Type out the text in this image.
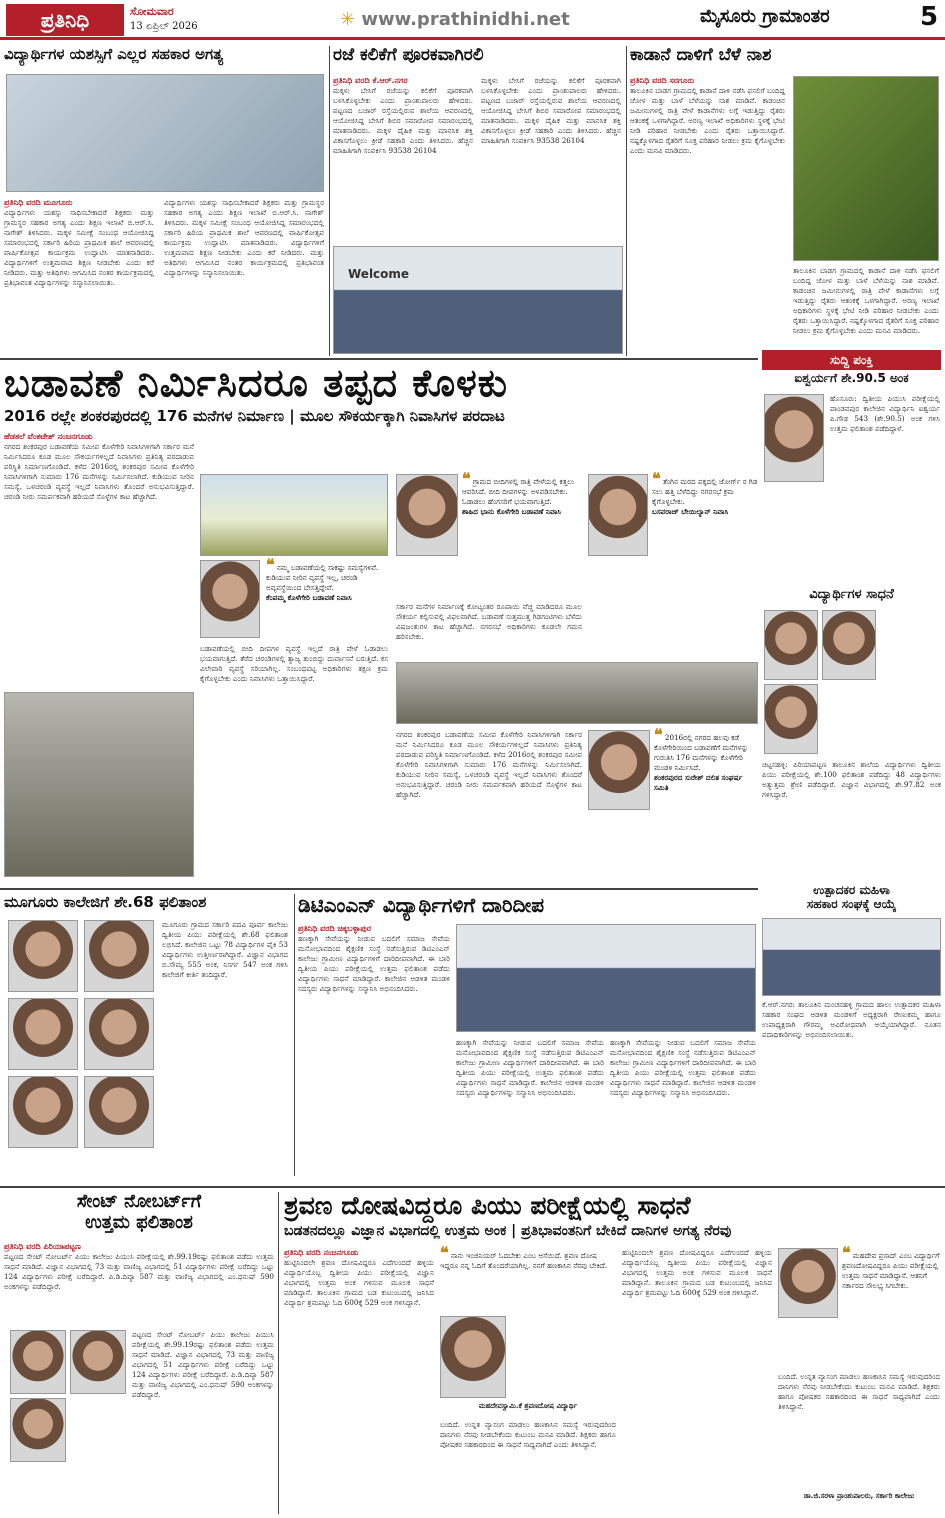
ಪ್ರತಿನಿಧಿ	ಸೋಮವಾರ
13 ಏಪ್ರಿಲ್ 2026	✳ www.prathinidhi.net	ಮೈಸೂರು ಗ್ರಾಮಾಂತರ	5
ವಿದ್ಯಾರ್ಥಿಗಳ ಯಶಸ್ಸಿಗೆ ಎಲ್ಲರ ಸಹಕಾರ ಅಗತ್ಯ
ಪ್ರತಿನಿಧಿ ವರದಿ ಮೂಗೂರು
ವಿದ್ಯಾರ್ಥಿಗಳು ಯಶಸ್ಸು ಸಾಧಿಸಬೇಕಾದರೆ ಶಿಕ್ಷಕರು ಮತ್ತು ಗ್ರಾಮಸ್ಥರ ಸಹಕಾರ ಅಗತ್ಯ ಎಂದು ಶಿಕ್ಷಣ ಇಲಾಖೆ ಬಿ.ಆರ್.ಸಿ. ನಾಗೇಶ್ ತಿಳಿಸಿದರು. ಮಕ್ಕಳ ಸಮೀಕ್ಷೆ ಸಂಬಂಧ ಆಯೋಜಿಸಿದ್ದ ಸಮಾರಂಭದಲ್ಲಿ ಸರ್ಕಾರಿ ಹಿರಿಯ ಪ್ರಾಥಮಿಕ ಶಾಲೆ ಆವರಣದಲ್ಲಿ ವಾರ್ಷಿಕೋತ್ಸವ ಕಾರ್ಯಕ್ರಮ ಉದ್ಘಾಟಿಸಿ ಮಾತನಾಡಿದರು. ವಿದ್ಯಾರ್ಥಿಗಳಿಗೆ ಉತ್ತಮವಾದ ಶಿಕ್ಷಣ ನೀಡಬೇಕು ಎಂದು ಕರೆ ನೀಡಿದರು. ಮತ್ತು ಅತಿಥಿಗಳು ಆಗಮಿಸಿದ ನಂತರ ಕಾರ್ಯಕ್ರಮದಲ್ಲಿ ಪ್ರತಿಭಾವಂತ ವಿದ್ಯಾರ್ಥಿಗಳನ್ನು ಸನ್ಮಾನಿಸಲಾಯಿತು.
ವಿದ್ಯಾರ್ಥಿಗಳು ಯಶಸ್ಸು ಸಾಧಿಸಬೇಕಾದರೆ ಶಿಕ್ಷಕರು ಮತ್ತು ಗ್ರಾಮಸ್ಥರ ಸಹಕಾರ ಅಗತ್ಯ ಎಂದು ಶಿಕ್ಷಣ ಇಲಾಖೆ ಬಿ.ಆರ್.ಸಿ. ನಾಗೇಶ್ ತಿಳಿಸಿದರು. ಮಕ್ಕಳ ಸಮೀಕ್ಷೆ ಸಂಬಂಧ ಆಯೋಜಿಸಿದ್ದ ಸಮಾರಂಭದಲ್ಲಿ ಸರ್ಕಾರಿ ಹಿರಿಯ ಪ್ರಾಥಮಿಕ ಶಾಲೆ ಆವರಣದಲ್ಲಿ ವಾರ್ಷಿಕೋತ್ಸವ ಕಾರ್ಯಕ್ರಮ ಉದ್ಘಾಟಿಸಿ ಮಾತನಾಡಿದರು. ವಿದ್ಯಾರ್ಥಿಗಳಿಗೆ ಉತ್ತಮವಾದ ಶಿಕ್ಷಣ ನೀಡಬೇಕು ಎಂದು ಕರೆ ನೀಡಿದರು. ಮತ್ತು ಅತಿಥಿಗಳು ಆಗಮಿಸಿದ ನಂತರ ಕಾರ್ಯಕ್ರಮದಲ್ಲಿ ಪ್ರತಿಭಾವಂತ ವಿದ್ಯಾರ್ಥಿಗಳನ್ನು ಸನ್ಮಾನಿಸಲಾಯಿತು.
ರಜೆ ಕಲಿಕೆಗೆ ಪೂರಕವಾಗಿರಲಿ
ಪ್ರತಿನಿಧಿ ವರದಿ ಕೆ.ಆರ್.ನಗರ
ಮಕ್ಕಳು ಬೇಸಿಗೆ ರಜೆಯನ್ನು ಕಲಿಕೆಗೆ ಪೂರಕವಾಗಿ ಬಳಸಿಕೊಳ್ಳಬೇಕು ಎಂದು ಪ್ರಾಂಶುಪಾಲರು ಹೇಳಿದರು. ಪಟ್ಟಣದ ಬಜಾರ್ ರಸ್ತೆಯಲ್ಲಿರುವ ಶಾಲೆಯ ಆವರಣದಲ್ಲಿ ಆಯೋಜಿಸಿದ್ದ ಬೇಸಿಗೆ ಶಿಬಿರ ಸಮಾರೋಪ ಸಮಾರಂಭದಲ್ಲಿ ಮಾತನಾಡಿದರು. ಮಕ್ಕಳ ದೈಹಿಕ ಮತ್ತು ಮಾನಸಿಕ ಶಕ್ತಿ ವಿಕಾಸಗೊಳ್ಳಲು ಕ್ರೀಡೆ ಸಹಕಾರಿ ಎಂದು ತಿಳಿಸಿದರು. ಹೆಚ್ಚಿನ ಮಾಹಿತಿಗಾಗಿ ಸಂಪರ್ಕಿಸಿ 93538 26104
ಮಕ್ಕಳು ಬೇಸಿಗೆ ರಜೆಯನ್ನು ಕಲಿಕೆಗೆ ಪೂರಕವಾಗಿ ಬಳಸಿಕೊಳ್ಳಬೇಕು ಎಂದು ಪ್ರಾಂಶುಪಾಲರು ಹೇಳಿದರು. ಪಟ್ಟಣದ ಬಜಾರ್ ರಸ್ತೆಯಲ್ಲಿರುವ ಶಾಲೆಯ ಆವರಣದಲ್ಲಿ ಆಯೋಜಿಸಿದ್ದ ಬೇಸಿಗೆ ಶಿಬಿರ ಸಮಾರೋಪ ಸಮಾರಂಭದಲ್ಲಿ ಮಾತನಾಡಿದರು. ಮಕ್ಕಳ ದೈಹಿಕ ಮತ್ತು ಮಾನಸಿಕ ಶಕ್ತಿ ವಿಕಾಸಗೊಳ್ಳಲು ಕ್ರೀಡೆ ಸಹಕಾರಿ ಎಂದು ತಿಳಿಸಿದರು. ಹೆಚ್ಚಿನ ಮಾಹಿತಿಗಾಗಿ ಸಂಪರ್ಕಿಸಿ 93538 26104
Welcome
ಕಾಡಾನೆ ದಾಳಿಗೆ ಬೆಳೆ ನಾಶ
ಪ್ರತಿನಿಧಿ ವರದಿ ಸರಗೂರು
ತಾಲೂಕಿನ ಬಾಡಗ ಗ್ರಾಮದಲ್ಲಿ ಕಾಡಾನೆ ದಾಳಿ ನಡೆಸಿ ಫಸಲಿಗೆ ಬಂದಿದ್ದ ಜೋಳ ಮತ್ತು ಬಾಳೆ ಬೆಳೆಯನ್ನು ನಾಶ ಮಾಡಿವೆ. ಕಾಡಂಚಿನ ಜಮೀನುಗಳಲ್ಲಿ ರಾತ್ರಿ ವೇಳೆ ಕಾಡಾನೆಗಳು ಲಗ್ಗೆ ಇಡುತ್ತಿದ್ದು ರೈತರು ಆತಂಕಕ್ಕೆ ಒಳಗಾಗಿದ್ದಾರೆ. ಅರಣ್ಯ ಇಲಾಖೆ ಅಧಿಕಾರಿಗಳು ಸ್ಥಳಕ್ಕೆ ಭೇಟಿ ನೀಡಿ ಪರಿಹಾರ ನೀಡಬೇಕು ಎಂದು ರೈತರು ಒತ್ತಾಯಿಸಿದ್ದಾರೆ. ನಷ್ಟಕ್ಕೊಳಗಾದ ರೈತರಿಗೆ ಸೂಕ್ತ ಪರಿಹಾರ ನೀಡಲು ಕ್ರಮ ಕೈಗೊಳ್ಳಬೇಕು ಎಂದು ಮನವಿ ಮಾಡಿದರು.
ತಾಲೂಕಿನ ಬಾಡಗ ಗ್ರಾಮದಲ್ಲಿ ಕಾಡಾನೆ ದಾಳಿ ನಡೆಸಿ ಫಸಲಿಗೆ ಬಂದಿದ್ದ ಜೋಳ ಮತ್ತು ಬಾಳೆ ಬೆಳೆಯನ್ನು ನಾಶ ಮಾಡಿವೆ. ಕಾಡಂಚಿನ ಜಮೀನುಗಳಲ್ಲಿ ರಾತ್ರಿ ವೇಳೆ ಕಾಡಾನೆಗಳು ಲಗ್ಗೆ ಇಡುತ್ತಿದ್ದು ರೈತರು ಆತಂಕಕ್ಕೆ ಒಳಗಾಗಿದ್ದಾರೆ. ಅರಣ್ಯ ಇಲಾಖೆ ಅಧಿಕಾರಿಗಳು ಸ್ಥಳಕ್ಕೆ ಭೇಟಿ ನೀಡಿ ಪರಿಹಾರ ನೀಡಬೇಕು ಎಂದು ರೈತರು ಒತ್ತಾಯಿಸಿದ್ದಾರೆ. ನಷ್ಟಕ್ಕೊಳಗಾದ ರೈತರಿಗೆ ಸೂಕ್ತ ಪರಿಹಾರ ನೀಡಲು ಕ್ರಮ ಕೈಗೊಳ್ಳಬೇಕು ಎಂದು ಮನವಿ ಮಾಡಿದರು.
ಸುದ್ದಿ ಪಂಕ್ತಿ
ಐಶ್ವರ್ಯಗೆ ಶೇ.90.5 ಅಂಕ
ಹೊಸೂರು: ದ್ವಿತೀಯ ಪಿಯುಸಿ ಪರೀಕ್ಷೆಯಲ್ಲಿ ಪಾಂಡವಪುರ ಕಾಲೇಜಿನ ವಿದ್ಯಾರ್ಥಿನಿ ಐಶ್ವರ್ಯ ಪಿ.ಗೌಡ 543 (ಶೇ.90.5) ಅಂಕ ಗಳಿಸಿ ಉತ್ತಮ ಫಲಿತಾಂಶ ಪಡೆದಿದ್ದಾಳೆ.
ವಿದ್ಯಾರ್ಥಿಗಳ ಸಾಧನೆ
ಚಿಟ್ಟನಹಳ್ಳಿ: ಪಿರಿಯಾಪಟ್ಟಣ ತಾಲೂಕಿನ ಶಾಲೆಯ ವಿದ್ಯಾರ್ಥಿಗಳು ದ್ವಿತೀಯ ಪಿಯು ಪರೀಕ್ಷೆಯಲ್ಲಿ ಶೇ.100 ಫಲಿತಾಂಶ ಪಡೆದಿದ್ದು 48 ವಿದ್ಯಾರ್ಥಿಗಳು ಅತ್ಯುತ್ತಮ ಶ್ರೇಣಿ ಪಡೆದಿದ್ದಾರೆ. ವಿಜ್ಞಾನ ವಿಭಾಗದಲ್ಲಿ ಶೇ.97.82 ಅಂಕ ಗಳಿಸಿದ್ದಾರೆ.
ಉತ್ಪಾದಕರ ಮಹಿಳಾ
ಸಹಕಾರ ಸಂಘಕ್ಕೆ ಆಯ್ಕೆ
ಕೆ.ಆರ್.ನಗರ: ತಾಲೂಕಿನ ಮಂಚನಹಳ್ಳಿ ಗ್ರಾಮದ ಹಾಲು ಉತ್ಪಾದಕರ ಮಹಿಳಾ ಸಹಕಾರ ಸಂಘದ ಆಡಳಿತ ಮಂಡಳಿಗೆ ಅಧ್ಯಕ್ಷರಾಗಿ ರೇಣುಕಮ್ಮ ಹಾಗೂ ಉಪಾಧ್ಯಕ್ಷರಾಗಿ ಗೌರಮ್ಮ ಅವಿರೋಧವಾಗಿ ಆಯ್ಕೆಯಾಗಿದ್ದಾರೆ. ನೂತನ ಪದಾಧಿಕಾರಿಗಳನ್ನು ಅಭಿನಂದಿಸಲಾಯಿತು.
ಬಡಾವಣೆ ನಿರ್ಮಿಸಿದರೂ ತಪ್ಪದ ಕೊಳಕು
2016 ರಲ್ಲೇ ಶಂಕರಪುರದಲ್ಲಿ 176 ಮನೆಗಳ ನಿರ್ಮಾಣ | ಮೂಲ ಸೌಕರ್ಯಕ್ಕಾಗಿ ನಿವಾಸಿಗಳ ಪರದಾಟ
ಹೆಡತಲೆ ವೆಂಕಟೇಶ್ ನಂಜನಗೂಡು
ನಗರದ ಶಂಕರಪುರ ಬಡಾವಣೆಯ ಸಮೀಪ ಕೊಳೆಗೇರಿ ನಿವಾಸಿಗಳಿಗಾಗಿ ಸರ್ಕಾರ ಮನೆ ನಿರ್ಮಿಸಿದರೂ ಕೂಡ ಮೂಲ ಸೌಕರ್ಯಗಳಿಲ್ಲದೆ ನಿವಾಸಿಗಳು ಪ್ರತಿನಿತ್ಯ ಪರದಾಡುವ ಪರಿಸ್ಥಿತಿ ನಿರ್ಮಾಣಗೊಂಡಿದೆ. ಕಳೆದ 2016ರಲ್ಲಿ ಶಂಕರಪುರ ಸಮೀಪ ಕೊಳೆಗೇರಿ ನಿವಾಸಿಗಳಿಗಾಗಿ ಸುಮಾರು 176 ಮನೆಗಳನ್ನು ನಿರ್ಮಿಸಲಾಗಿದೆ. ಕುಡಿಯುವ ನೀರಿನ ಸಮಸ್ಯೆ, ಒಳಚರಂಡಿ ವ್ಯವಸ್ಥೆ ಇಲ್ಲದೆ ನಿವಾಸಿಗಳು ತೊಂದರೆ ಅನುಭವಿಸುತ್ತಿದ್ದಾರೆ. ಚರಂಡಿ ನೀರು ಸಮರ್ಪಕವಾಗಿ ಹರಿಯದೆ ಸೊಳ್ಳೆಗಳ ಕಾಟ ಹೆಚ್ಚಾಗಿದೆ.
❝ ನಮ್ಮ ಬಡಾವಣೆಯಲ್ಲಿ ಸಾಕಷ್ಟು ಸಮಸ್ಯೆಗಳಿವೆ. ಕುಡಿಯುವ ನೀರಿನ ವ್ಯವಸ್ಥೆ ಇಲ್ಲ, ಚರಂಡಿ ಅವ್ಯವಸ್ಥೆಯಿಂದ ಬೇಸತ್ತಿದ್ದೇವೆ.
ಕೆಂಪಮ್ಮ ಕೊಳೆಗೇರಿ ಬಡಾವಣೆ ನಿವಾಸಿ
ಬಡಾವಣೆಯಲ್ಲಿ ಬೀದಿ ದೀಪಗಳ ವ್ಯವಸ್ಥೆ ಇಲ್ಲದೆ ರಾತ್ರಿ ವೇಳೆ ಓಡಾಡಲು ಭಯವಾಗುತ್ತಿದೆ. ತೆರೆದ ಚರಂಡಿಗಳಲ್ಲಿ ತ್ಯಾಜ್ಯ ತುಂಬಿದ್ದು ದುರ್ವಾಸನೆ ಬರುತ್ತಿದೆ. ಕಸ ವಿಲೇವಾರಿ ವ್ಯವಸ್ಥೆ ಸರಿಯಾಗಿಲ್ಲ. ಸಂಬಂಧಪಟ್ಟ ಅಧಿಕಾರಿಗಳು ತಕ್ಷಣ ಕ್ರಮ ಕೈಗೊಳ್ಳಬೇಕು ಎಂದು ನಿವಾಸಿಗಳು ಒತ್ತಾಯಿಸಿದ್ದಾರೆ.
❝ ಗ್ರಾಮದ ಬೀದಿಗಳಲ್ಲಿ ರಾತ್ರಿ ವೇಳೆಯಲ್ಲಿ ಕತ್ತಲು ಆವರಿಸಿದೆ. ಬೀದಿ ದೀಪಗಳನ್ನು ಅಳವಡಿಸಬೇಕು. ಓಡಾಡಲು ಹೆಂಗಸರಿಗೆ ಭಯವಾಗುತ್ತಿದೆ.
ಶಾಹಿದ ಭಾನು ಕೊಳೆಗೇರಿ ಬಡಾವಣೆ ನಿವಾಸಿ
ಸರ್ಕಾರ ಮನೆಗಳ ನಿರ್ಮಾಣಕ್ಕೆ ಕೋಟ್ಯಂತರ ರೂಪಾಯಿ ವೆಚ್ಚ ಮಾಡಿದರೂ ಮೂಲ ಸೌಕರ್ಯ ಕಲ್ಪಿಸುವಲ್ಲಿ ವಿಫಲವಾಗಿದೆ. ಬಡಾವಣೆ ಸುತ್ತಮುತ್ತ ಗಿಡಗಂಟಿಗಳು ಬೆಳೆದು ವಿಷಜಂತುಗಳ ಕಾಟ ಹೆಚ್ಚಾಗಿದೆ. ನಗರಸಭೆ ಅಧಿಕಾರಿಗಳು ಕೂಡಲೇ ಗಮನ ಹರಿಸಬೇಕು.
❝ ತೆಂಗಿನ ಮರದ ಪಕ್ಕದಲ್ಲಿ ಜೋರ್ಗ್ ರ ಗಿಡ ಸಲು ಹತ್ತಿ ಬೆಳೆದಿದ್ದು ನಗರಸಭೆ ಕ್ರಮ ಕೈಗೊಳ್ಳಬೇಕು.
ಬಸವರಾಜ್ ಬೇಯಿಲ್ಯಾನ್ ನಿವಾಸಿ
❝ 2016ರಲ್ಲಿ ನಗರದ ಹಲವು ಕಡೆ ಕೊಳೆಗೇರಿಯಿಂದ ಬಡಾವಣೆಗೆ ಮನೆಗಳನ್ನು ಗುರುತಿಸಿ 176 ಮನೆಗಳನ್ನು ಕೊಳೆಗೇರಿ ಮಂಡಳಿ ನಿರ್ಮಿಸಿದೆ.
ಶಂಕರಪುರದ ಸುರೇಶ್ ದಲಿತ ಸಂಘರ್ಷ ಸಮಿತಿ
ನಗರದ ಶಂಕರಪುರ ಬಡಾವಣೆಯ ಸಮೀಪ ಕೊಳೆಗೇರಿ ನಿವಾಸಿಗಳಿಗಾಗಿ ಸರ್ಕಾರ ಮನೆ ನಿರ್ಮಿಸಿದರೂ ಕೂಡ ಮೂಲ ಸೌಕರ್ಯಗಳಿಲ್ಲದೆ ನಿವಾಸಿಗಳು ಪ್ರತಿನಿತ್ಯ ಪರದಾಡುವ ಪರಿಸ್ಥಿತಿ ನಿರ್ಮಾಣಗೊಂಡಿದೆ. ಕಳೆದ 2016ರಲ್ಲಿ ಶಂಕರಪುರ ಸಮೀಪ ಕೊಳೆಗೇರಿ ನಿವಾಸಿಗಳಿಗಾಗಿ ಸುಮಾರು 176 ಮನೆಗಳನ್ನು ನಿರ್ಮಿಸಲಾಗಿದೆ. ಕುಡಿಯುವ ನೀರಿನ ಸಮಸ್ಯೆ, ಒಳಚರಂಡಿ ವ್ಯವಸ್ಥೆ ಇಲ್ಲದೆ ನಿವಾಸಿಗಳು ತೊಂದರೆ ಅನುಭವಿಸುತ್ತಿದ್ದಾರೆ. ಚರಂಡಿ ನೀರು ಸಮರ್ಪಕವಾಗಿ ಹರಿಯದೆ ಸೊಳ್ಳೆಗಳ ಕಾಟ ಹೆಚ್ಚಾಗಿದೆ.
ಮೂಗೂರು ಕಾಲೇಜಿಗೆ ಶೇ.68 ಫಲಿತಾಂಶ
ಮೂಗೂರು ಗ್ರಾಮದ ಸರ್ಕಾರಿ ಪದವಿ ಪೂರ್ವ ಕಾಲೇಜು ದ್ವಿತೀಯ ಪಿಯು ಪರೀಕ್ಷೆಯಲ್ಲಿ ಶೇ.68 ಫಲಿತಾಂಶ ಲಭಿಸಿದೆ. ಕಾಲೇಜಿನ ಒಟ್ಟು 78 ವಿದ್ಯಾರ್ಥಿಗಳ ಪೈಕಿ 53 ವಿದ್ಯಾರ್ಥಿಗಳು ಉತ್ತೀರ್ಣರಾಗಿದ್ದಾರೆ. ವಿಜ್ಞಾನ ವಿಭಾಗದ ಬಿ.ಸೌಮ್ಯ 555 ಅಂಕ, ನಿಸರ್ಗ 547 ಅಂಕ ಗಳಿಸಿ ಕಾಲೇಜಿಗೆ ಕೀರ್ತಿ ತಂದಿದ್ದಾರೆ.
ಡಿಟಿಎಂಎನ್ ವಿದ್ಯಾರ್ಥಿಗಳಿಗೆ ದಾರಿದೀಪ
ಪ್ರತಿನಿಧಿ ವರದಿ ಚಿಕ್ಕಬಳ್ಳಾಪುರ
ಹಣಕ್ಕಾಗಿ ಸೇವೆಯನ್ನು ನೀಡುವ ಬದಲಿಗೆ ಸಮಾಜ ಸೇವೆಯ ಮನೋಭಾವದಿಂದ ಶೈಕ್ಷಣಿಕ ಸಂಸ್ಥೆ ನಡೆಸುತ್ತಿರುವ ಡಿಟಿಎಂಎನ್ ಕಾಲೇಜು ಗ್ರಾಮೀಣ ವಿದ್ಯಾರ್ಥಿಗಳಿಗೆ ದಾರಿದೀಪವಾಗಿದೆ. ಈ ಬಾರಿ ದ್ವಿತೀಯ ಪಿಯು ಪರೀಕ್ಷೆಯಲ್ಲಿ ಉತ್ತಮ ಫಲಿತಾಂಶ ಪಡೆದು ವಿದ್ಯಾರ್ಥಿಗಳು ಸಾಧನೆ ಮಾಡಿದ್ದಾರೆ. ಕಾಲೇಜಿನ ಆಡಳಿತ ಮಂಡಳಿ ಸದಸ್ಯರು ವಿದ್ಯಾರ್ಥಿಗಳನ್ನು ಸನ್ಮಾನಿಸಿ ಅಭಿನಂದಿಸಿದರು.
ಹಣಕ್ಕಾಗಿ ಸೇವೆಯನ್ನು ನೀಡುವ ಬದಲಿಗೆ ಸಮಾಜ ಸೇವೆಯ ಮನೋಭಾವದಿಂದ ಶೈಕ್ಷಣಿಕ ಸಂಸ್ಥೆ ನಡೆಸುತ್ತಿರುವ ಡಿಟಿಎಂಎನ್ ಕಾಲೇಜು ಗ್ರಾಮೀಣ ವಿದ್ಯಾರ್ಥಿಗಳಿಗೆ ದಾರಿದೀಪವಾಗಿದೆ. ಈ ಬಾರಿ ದ್ವಿತೀಯ ಪಿಯು ಪರೀಕ್ಷೆಯಲ್ಲಿ ಉತ್ತಮ ಫಲಿತಾಂಶ ಪಡೆದು ವಿದ್ಯಾರ್ಥಿಗಳು ಸಾಧನೆ ಮಾಡಿದ್ದಾರೆ. ಕಾಲೇಜಿನ ಆಡಳಿತ ಮಂಡಳಿ ಸದಸ್ಯರು ವಿದ್ಯಾರ್ಥಿಗಳನ್ನು ಸನ್ಮಾನಿಸಿ ಅಭಿನಂದಿಸಿದರು.
ಹಣಕ್ಕಾಗಿ ಸೇವೆಯನ್ನು ನೀಡುವ ಬದಲಿಗೆ ಸಮಾಜ ಸೇವೆಯ ಮನೋಭಾವದಿಂದ ಶೈಕ್ಷಣಿಕ ಸಂಸ್ಥೆ ನಡೆಸುತ್ತಿರುವ ಡಿಟಿಎಂಎನ್ ಕಾಲೇಜು ಗ್ರಾಮೀಣ ವಿದ್ಯಾರ್ಥಿಗಳಿಗೆ ದಾರಿದೀಪವಾಗಿದೆ. ಈ ಬಾರಿ ದ್ವಿತೀಯ ಪಿಯು ಪರೀಕ್ಷೆಯಲ್ಲಿ ಉತ್ತಮ ಫಲಿತಾಂಶ ಪಡೆದು ವಿದ್ಯಾರ್ಥಿಗಳು ಸಾಧನೆ ಮಾಡಿದ್ದಾರೆ. ಕಾಲೇಜಿನ ಆಡಳಿತ ಮಂಡಳಿ ಸದಸ್ಯರು ವಿದ್ಯಾರ್ಥಿಗಳನ್ನು ಸನ್ಮಾನಿಸಿ ಅಭಿನಂದಿಸಿದರು.
ಸೇಂಟ್ ನೋಬರ್ಟ್‌ಗೆ
ಉತ್ತಮ ಫಲಿತಾಂಶ
ಪ್ರತಿನಿಧಿ ವರದಿ ಪಿರಿಯಾಪಟ್ಟಣ
ಪಟ್ಟಣದ ಸೇಂಟ್ ನೋಬರ್ಟ್ ಪಿಯು ಕಾಲೇಜು ಪಿಯುಸಿ ಪರೀಕ್ಷೆಯಲ್ಲಿ ಶೇ.99.19ರಷ್ಟು ಫಲಿತಾಂಶ ಪಡೆದು ಉತ್ತಮ ಸಾಧನೆ ಮಾಡಿದೆ. ವಿಜ್ಞಾನ ವಿಭಾಗದಲ್ಲಿ 73 ಮತ್ತು ವಾಣಿಜ್ಯ ವಿಭಾಗದಲ್ಲಿ 51 ವಿದ್ಯಾರ್ಥಿಗಳು ಪರೀಕ್ಷೆ ಬರೆದಿದ್ದು ಒಟ್ಟು 124 ವಿದ್ಯಾರ್ಥಿಗಳು ಪರೀಕ್ಷೆ ಬರೆದಿದ್ದಾರೆ. ಪಿ.ಡಿ.ದಿವ್ಯಾ 587 ಮತ್ತು ವಾಣಿಜ್ಯ ವಿಭಾಗದಲ್ಲಿ ಎಂ.ಧನುಷ್ 590 ಅಂಕಗಳನ್ನು ಪಡೆದಿದ್ದಾರೆ.
ಪಟ್ಟಣದ ಸೇಂಟ್ ನೋಬರ್ಟ್ ಪಿಯು ಕಾಲೇಜು ಪಿಯುಸಿ ಪರೀಕ್ಷೆಯಲ್ಲಿ ಶೇ.99.19ರಷ್ಟು ಫಲಿತಾಂಶ ಪಡೆದು ಉತ್ತಮ ಸಾಧನೆ ಮಾಡಿದೆ. ವಿಜ್ಞಾನ ವಿಭಾಗದಲ್ಲಿ 73 ಮತ್ತು ವಾಣಿಜ್ಯ ವಿಭಾಗದಲ್ಲಿ 51 ವಿದ್ಯಾರ್ಥಿಗಳು ಪರೀಕ್ಷೆ ಬರೆದಿದ್ದು ಒಟ್ಟು 124 ವಿದ್ಯಾರ್ಥಿಗಳು ಪರೀಕ್ಷೆ ಬರೆದಿದ್ದಾರೆ. ಪಿ.ಡಿ.ದಿವ್ಯಾ 587 ಮತ್ತು ವಾಣಿಜ್ಯ ವಿಭಾಗದಲ್ಲಿ ಎಂ.ಧನುಷ್ 590 ಅಂಕಗಳನ್ನು ಪಡೆದಿದ್ದಾರೆ.
ಶ್ರವಣ ದೋಷವಿದ್ದರೂ ಪಿಯು ಪರೀಕ್ಷೆಯಲ್ಲಿ ಸಾಧನೆ
ಬಡತನದಲ್ಲೂ ವಿಜ್ಞಾನ ವಿಭಾಗದಲ್ಲಿ ಉತ್ತಮ ಅಂಕ | ಪ್ರತಿಭಾವಂತನಿಗೆ ಬೇಕಿದೆ ದಾನಿಗಳ ಅಗತ್ಯ ನೆರವು
ಪ್ರತಿನಿಧಿ ವರದಿ ನಂಜನಗೂಡು
ಹುಟ್ಟಿನಿಂದಲೇ ಶ್ರವಣ ದೋಷವಿದ್ದರೂ ಎದೆಗುಂದದೆ ಹಳ್ಳಿಯ ವಿದ್ಯಾರ್ಥಿಯೊಬ್ಬ ದ್ವಿತೀಯ ಪಿಯು ಪರೀಕ್ಷೆಯಲ್ಲಿ ವಿಜ್ಞಾನ ವಿಭಾಗದಲ್ಲಿ ಉತ್ತಮ ಅಂಕ ಗಳಿಸುವ ಮೂಲಕ ಸಾಧನೆ ಮಾಡಿದ್ದಾನೆ. ತಾಲೂಕಿನ ಗ್ರಾಮದ ಬಡ ಕುಟುಂಬದಲ್ಲಿ ಜನಿಸಿದ ವಿದ್ಯಾರ್ಥಿ ಶ್ರಮಪಟ್ಟು ಓದಿ 600ಕ್ಕೆ 529 ಅಂಕ ಗಳಿಸಿದ್ದಾನೆ.
❝ ನಾನು ಇಂಜಿನಿಯರ್ ಓದಬೇಕು ಎಂಬ ಆಸೆಯಿದೆ. ಶ್ರವಣ ದೋಷ ಇದ್ದರೂ ನನ್ನ ಓದಿಗೆ ತೊಂದರೆಯಾಗಿಲ್ಲ. ನನಗೆ ಹಣಕಾಸಿನ ನೆರವು ಬೇಕಿದೆ.
ಮಹದೇವಸ್ವಾಮಿ.ಕೆ ಶ್ರವಣದೋಷ ವಿದ್ಯಾರ್ಥಿ
ಬಂದಿದೆ. ಉನ್ನತ ವ್ಯಾಸಂಗ ಮಾಡಲು ಹಣಕಾಸಿನ ಸಮಸ್ಯೆ ಇರುವುದರಿಂದ ದಾನಿಗಳು ನೆರವು ನೀಡಬೇಕೆಂದು ಕುಟುಂಬ ಮನವಿ ಮಾಡಿದೆ. ಶಿಕ್ಷಕರು ಹಾಗೂ ಪೋಷಕರ ಸಹಕಾರದಿಂದ ಈ ಸಾಧನೆ ಸಾಧ್ಯವಾಗಿದೆ ಎಂದು ತಿಳಿಸಿದ್ದಾನೆ.
ಹುಟ್ಟಿನಿಂದಲೇ ಶ್ರವಣ ದೋಷವಿದ್ದರೂ ಎದೆಗುಂದದೆ ಹಳ್ಳಿಯ ವಿದ್ಯಾರ್ಥಿಯೊಬ್ಬ ದ್ವಿತೀಯ ಪಿಯು ಪರೀಕ್ಷೆಯಲ್ಲಿ ವಿಜ್ಞಾನ ವಿಭಾಗದಲ್ಲಿ ಉತ್ತಮ ಅಂಕ ಗಳಿಸುವ ಮೂಲಕ ಸಾಧನೆ ಮಾಡಿದ್ದಾನೆ. ತಾಲೂಕಿನ ಗ್ರಾಮದ ಬಡ ಕುಟುಂಬದಲ್ಲಿ ಜನಿಸಿದ ವಿದ್ಯಾರ್ಥಿ ಶ್ರಮಪಟ್ಟು ಓದಿ 600ಕ್ಕೆ 529 ಅಂಕ ಗಳಿಸಿದ್ದಾನೆ.
❝ ಮಹದೇವ ಪ್ರಸಾದ್ ಎಂಬ ವಿದ್ಯಾರ್ಥಿಗೆ ಶ್ರವಣದೋಷವಿದ್ದರೂ ಪಿಯು ಪರೀಕ್ಷೆಯಲ್ಲಿ ಉತ್ತಮ ಸಾಧನೆ ಮಾಡಿದ್ದಾನೆ. ಆತನಿಗೆ ಸರ್ಕಾರದ ಸೌಲಭ್ಯ ಸಿಗಬೇಕು.
ಬಂದಿದೆ. ಉನ್ನತ ವ್ಯಾಸಂಗ ಮಾಡಲು ಹಣಕಾಸಿನ ಸಮಸ್ಯೆ ಇರುವುದರಿಂದ ದಾನಿಗಳು ನೆರವು ನೀಡಬೇಕೆಂದು ಕುಟುಂಬ ಮನವಿ ಮಾಡಿದೆ. ಶಿಕ್ಷಕರು ಹಾಗೂ ಪೋಷಕರ ಸಹಕಾರದಿಂದ ಈ ಸಾಧನೆ ಸಾಧ್ಯವಾಗಿದೆ ಎಂದು ತಿಳಿಸಿದ್ದಾನೆ.
ಡಾ.ಜಿ.ಸರಳಾ ಪ್ರಾಂಶುಪಾಲರು, ಸರ್ಕಾರಿ ಕಾಲೇಜು
